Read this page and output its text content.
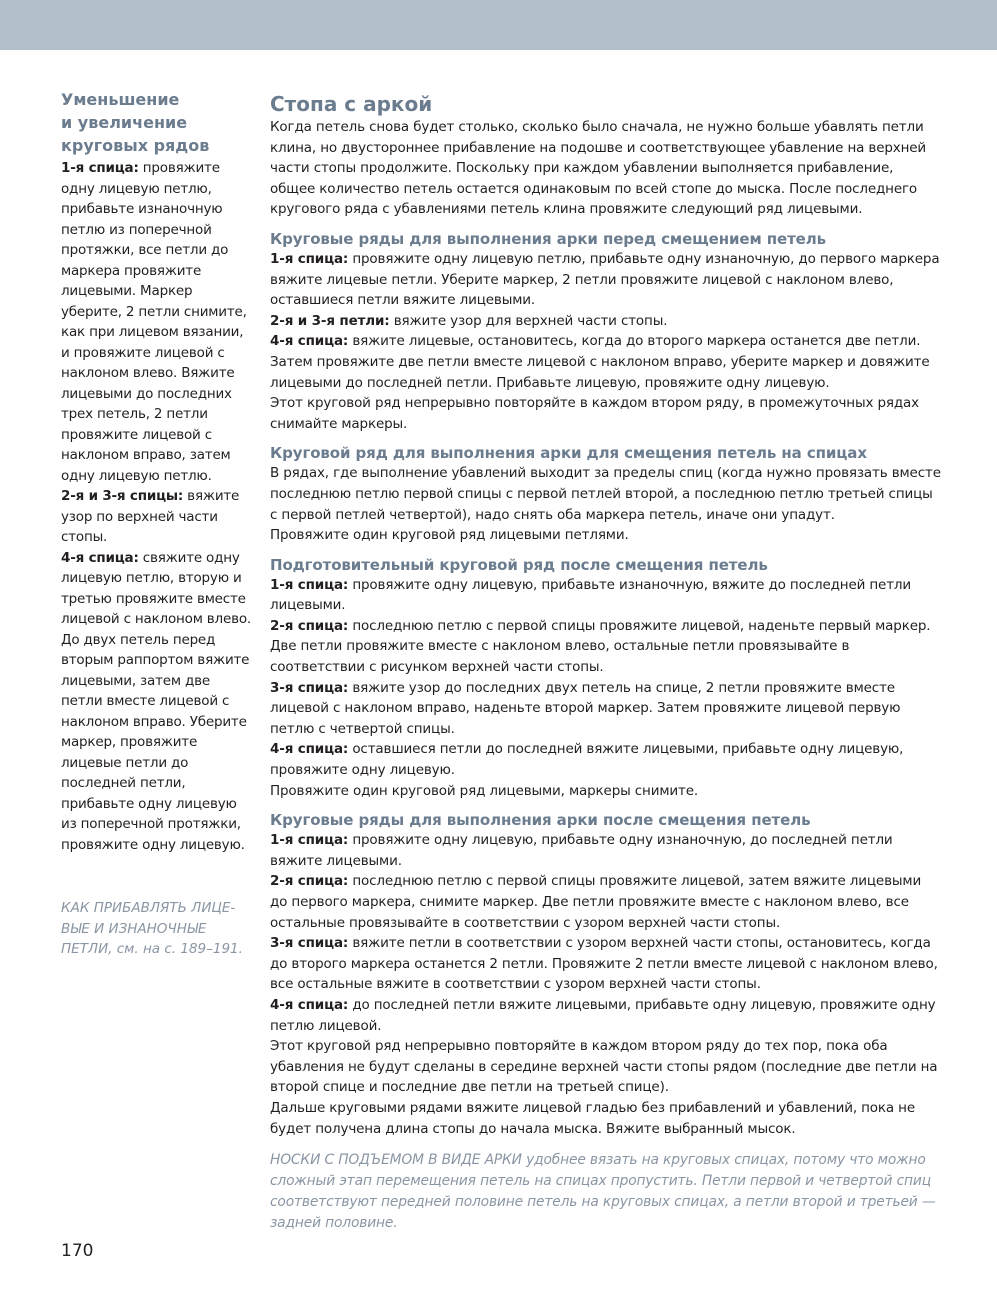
Уменьшение
и увеличение
круговых рядов

1-я спица: провяжите одну лицевую петлю, прибавьте изнаночную петлю из поперечной протяжки, все петли до маркера провяжите лицевыми. Маркер уберите, 2 петли снимите, как при лицевом вязании, и провяжите лицевой с наклоном влево. Вяжите лицевыми до последних трех петель, 2 петли провяжите лицевой с наклоном вправо, затем одну лицевую петлю.

2-я и 3-я спицы: вяжите узор по верхней части стопы.

4-я спица: свяжите одну лицевую петлю, вторую и третью провяжите вместе лицевой с наклоном влево. До двух петель перед вторым раппортом вяжите лицевыми, затем две петли вместе лицевой с наклоном вправо. Уберите маркер, провяжите лицевые петли до последней петли, прибавьте одну лицевую из поперечной протяжки, провяжите одну лицевую.

КАК ПРИБАВЛЯТЬ ЛИЦЕ-
ВЫЕ И ИЗНАНОЧНЫЕ
ПЕТЛИ, см. на с. 189–191.
Стопа с аркой

Когда петель снова будет столько, сколько было сначала, не нужно больше убавлять петли клина, но двустороннее прибавление на подошве и соответствующее убавление на верхней части стопы продолжите. Поскольку при каждом убавлении выполняется прибавление, общее количество петель остается одинаковым по всей стопе до мыска. После последнего кругового ряда с убавлениями петель клина провяжите следующий ряд лицевыми.

Круговые ряды для выполнения арки перед смещением петель

1-я спица: провяжите одну лицевую петлю, прибавьте одну изнаночную, до первого маркера вяжите лицевые петли. Уберите маркер, 2 петли провяжите лицевой с наклоном влево, оставшиеся петли вяжите лицевыми.

2-я и 3-я петли: вяжите узор для верхней части стопы.

4-я спица: вяжите лицевые, остановитесь, когда до второго маркера останется две петли. Затем провяжите две петли вместе лицевой с наклоном вправо, уберите маркер и довяжите лицевыми до последней петли. Прибавьте лицевую, провяжите одну лицевую.

Этот круговой ряд непрерывно повторяйте в каждом втором ряду, в промежуточных рядах снимайте маркеры.

Круговой ряд для выполнения арки для смещения петель на спицах

В рядах, где выполнение убавлений выходит за пределы спиц (когда нужно провязать вместе последнюю петлю первой спицы с первой петлей второй, а последнюю петлю третьей спицы с первой петлей четвертой), надо снять оба маркера петель, иначе они упадут.

Провяжите один круговой ряд лицевыми петлями.

Подготовительный круговой ряд после смещения петель

1-я спица: провяжите одну лицевую, прибавьте изнаночную, вяжите до последней петли лицевыми.

2-я спица: последнюю петлю с первой спицы провяжите лицевой, наденьте первый маркер. Две петли провяжите вместе с наклоном влево, остальные петли провязывайте в соответствии с рисунком верхней части стопы.

3-я спица: вяжите узор до последних двух петель на спице, 2 петли провяжите вместе лицевой с наклоном вправо, наденьте второй маркер. Затем провяжите лицевой первую петлю с четвертой спицы.

4-я спица: оставшиеся петли до последней вяжите лицевыми, прибавьте одну лицевую, провяжите одну лицевую.

Провяжите один круговой ряд лицевыми, маркеры снимите.

Круговые ряды для выполнения арки после смещения петель

1-я спица: провяжите одну лицевую, прибавьте одну изнаночную, до последней петли вяжите лицевыми.

2-я спица: последнюю петлю с первой спицы провяжите лицевой, затем вяжите лицевыми до первого маркера, снимите маркер. Две петли провяжите вместе с наклоном влево, все остальные провязывайте в соответствии с узором верхней части стопы.

3-я спица: вяжите петли в соответствии с узором верхней части стопы, остановитесь, когда до второго маркера останется 2 петли. Провяжите 2 петли вместе лицевой с наклоном влево, все остальные вяжите в соответствии с узором верхней части стопы.

4-я спица: до последней петли вяжите лицевыми, прибавьте одну лицевую, провяжите одну петлю лицевой.

Этот круговой ряд непрерывно повторяйте в каждом втором ряду до тех пор, пока оба убавления не будут сделаны в середине верхней части стопы рядом (последние две петли на второй спице и последние две петли на третьей спице).

Дальше круговыми рядами вяжите лицевой гладью без прибавлений и убавлений, пока не будет получена длина стопы до начала мыска. Вяжите выбранный мысок.

НОСКИ С ПОДЪЕМОМ В ВИДЕ АРКИ удобнее вязать на круговых спицах, потому что можно сложный этап перемещения петель на спицах пропустить. Петли первой и четвертой спиц соответствуют передней половине петель на круговых спицах, а петли второй и третьей — задней половине.

170
